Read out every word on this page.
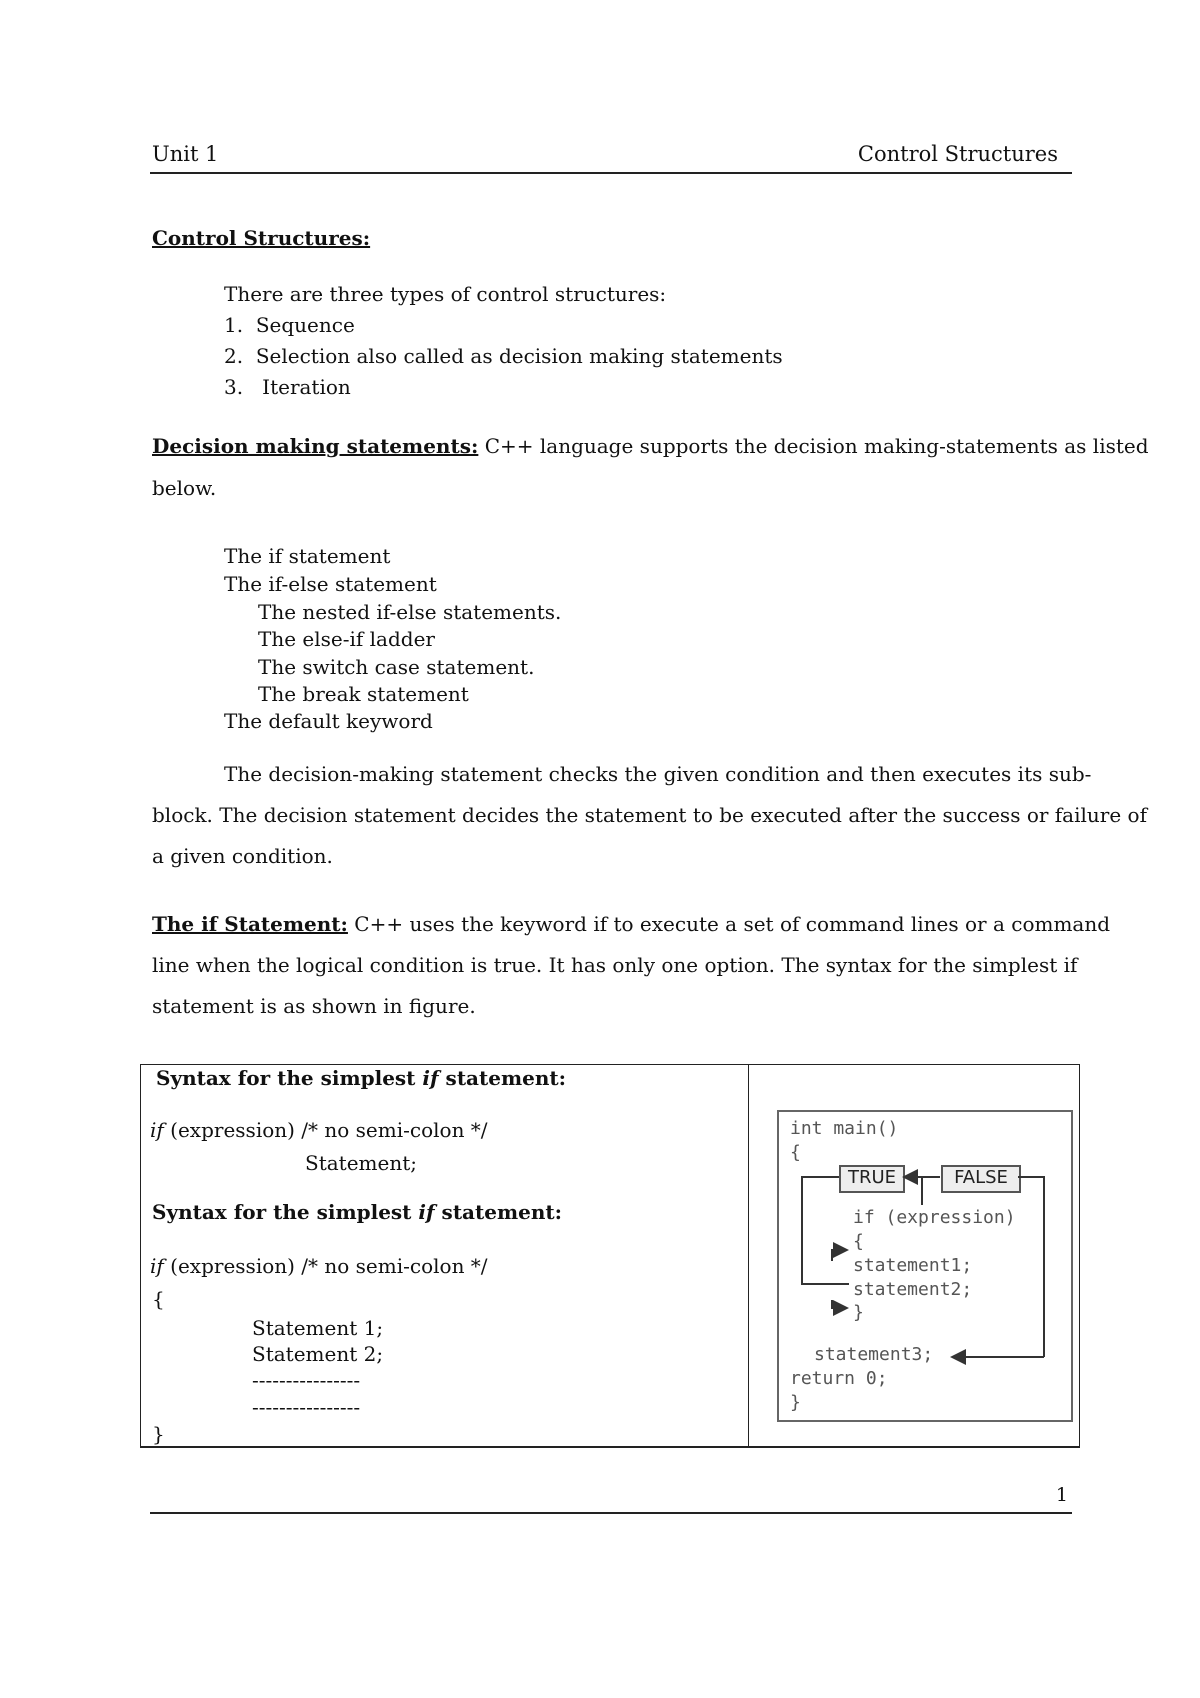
Unit 1	Control Structures
Control Structures:
There are three types of control structures:
1. Sequence
2. Selection also called as decision making statements
3. Iteration
Decision making statements: C++ language supports the decision making-statements as listed
below.
The if statement
The if-else statement
The nested if-else statements.
The else-if ladder
The switch case statement.
The break statement
The default keyword
The decision-making statement checks the given condition and then executes its sub-
block. The decision statement decides the statement to be executed after the success or failure of
a given condition.
The if Statement: C++ uses the keyword if to execute a set of command lines or a command
line when the logical condition is true. It has only one option. The syntax for the simplest if
statement is as shown in figure.
Syntax for the simplest if statement:
if (expression) /* no semi-colon */
Statement;
Syntax for the simplest if statement:
if (expression) /* no semi-colon */
{
Statement 1;
Statement 2;
----------------
----------------
}
int main()
{
TRUE	FALSE
if (expression)
{
statement1;
statement2;
}
statement3;
return 0;
}
1
